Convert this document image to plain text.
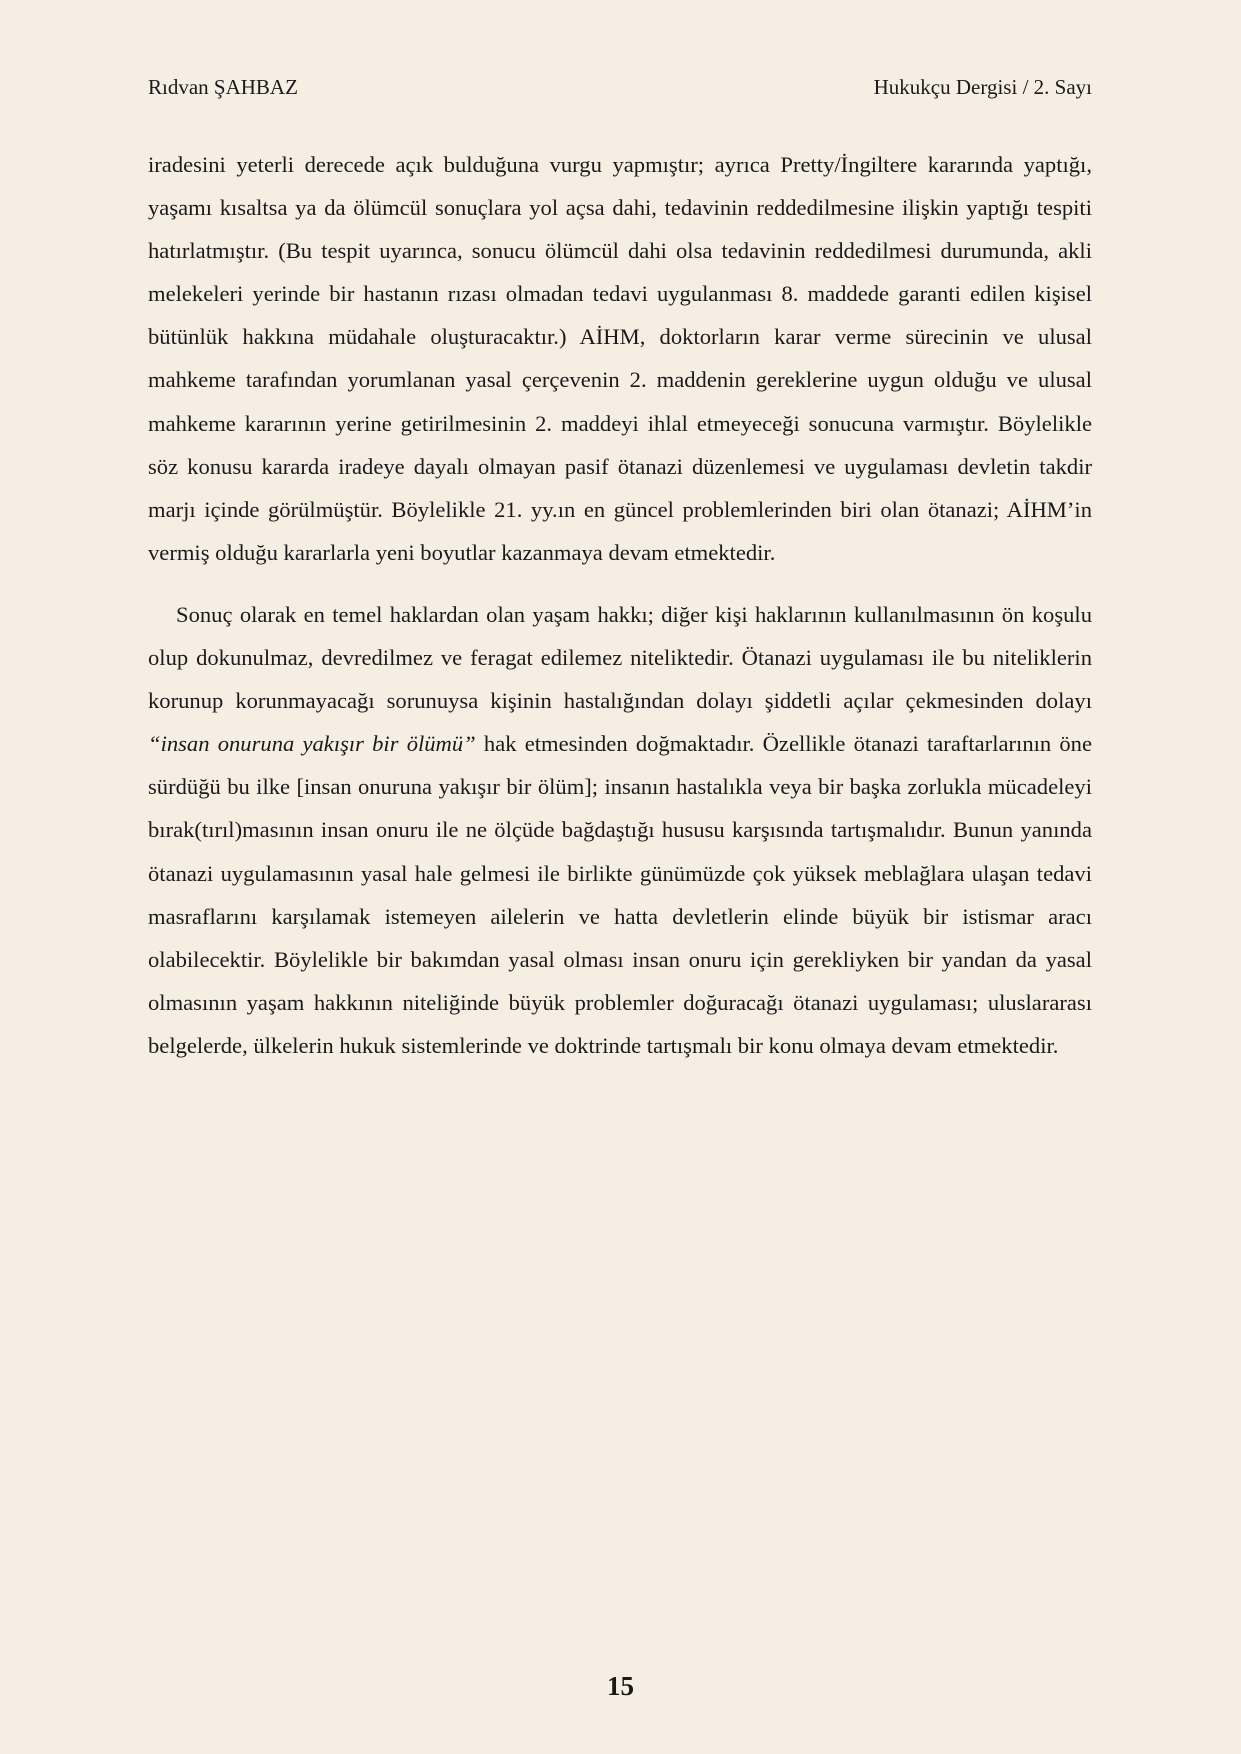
Rıdvan ŞAHBAZ	Hukukçu Dergisi / 2. Sayı

iradesini yeterli derecede açık bulduğuna vurgu yapmıştır; ayrıca Pretty/İngiltere kararında yaptığı, yaşamı kısaltsa ya da ölümcül sonuçlara yol açsa dahi, tedavinin reddedilmesine ilişkin yaptığı tespiti hatırlatmıştır. (Bu tespit uyarınca, sonucu ölümcül dahi olsa tedavinin reddedilmesi durumunda, akli melekeleri yerinde bir hastanın rızası olmadan tedavi uygulanması 8. maddede garanti edilen kişisel bütünlük hakkına müdahale oluşturacaktır.) AİHM, doktorların karar verme sürecinin ve ulusal mahkeme tarafından yorumlanan yasal çerçevenin 2. maddenin gereklerine uygun olduğu ve ulusal mahkeme kararının yerine getirilmesinin 2. maddeyi ihlal etmeyeceği sonucuna varmıştır. Böylelikle söz konusu kararda iradeye dayalı olmayan pasif ötanazi düzenlemesi ve uygulaması devletin takdir marjı içinde görülmüştür. Böylelikle 21. yy.ın en güncel problemlerinden biri olan ötanazi; AİHM’in vermiş olduğu kararlarla yeni boyutlar kazanmaya devam etmektedir.

Sonuç olarak en temel haklardan olan yaşam hakkı; diğer kişi haklarının kullanılmasının ön koşulu olup dokunulmaz, devredilmez ve feragat edilemez niteliktedir. Ötanazi uygulaması ile bu niteliklerin korunup korunmayacağı sorunuysa kişinin hastalığından dolayı şiddetli açılar çekmesinden dolayı “insan onuruna yakışır bir ölümü” hak etmesinden doğmaktadır. Özellikle ötanazi taraftarlarının öne sürdüğü bu ilke [insan onuruna yakışır bir ölüm]; insanın hastalıkla veya bir başka zorlukla mücadeleyi bırak(tırıl)masının insan onuru ile ne ölçüde bağdaştığı hususu karşısında tartışmalıdır. Bunun yanında ötanazi uygulamasının yasal hale gelmesi ile birlikte günümüzde çok yüksek meblağlara ulaşan tedavi masraflarını karşılamak istemeyen ailelerin ve hatta devletlerin elinde büyük bir istismar aracı olabilecektir. Böylelikle bir bakımdan yasal olması insan onuru için gerekliyken bir yandan da yasal olmasının yaşam hakkının niteliğinde büyük problemler doğuracağı ötanazi uygulaması; uluslararası belgelerde, ülkelerin hukuk sistemlerinde ve doktrinde tartışmalı bir konu olmaya devam etmektedir.

15
